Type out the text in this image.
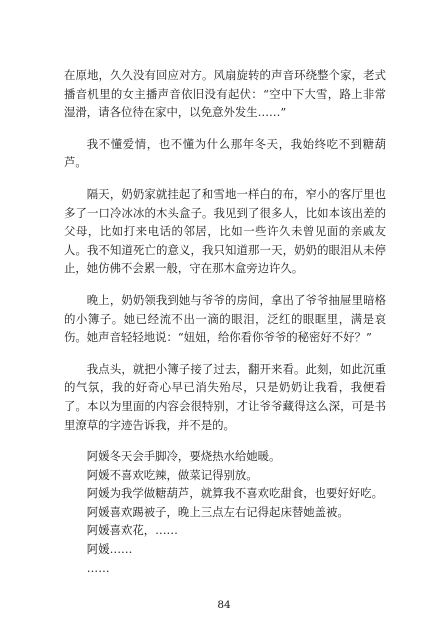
在原地，久久没有回应对方。风扇旋转的声音环绕整个家，老式播音机里的女主播声音依旧没有起伏：“空中下大雪，路上非常湿滑，请各位待在家中，以免意外发生……”

我不懂爱情，也不懂为什么那年冬天，我始终吃不到糖葫芦。

隔天，奶奶家就挂起了和雪地一样白的布，窄小的客厅里也多了一口冷冰冰的木头盒子。我见到了很多人，比如本该出差的父母，比如打来电话的邻居，比如一些许久未曾见面的亲戚友人。我不知道死亡的意义，我只知道那一天，奶奶的眼泪从未停止，她仿佛不会累一般，守在那木盒旁边许久。

晚上，奶奶领我到她与爷爷的房间，拿出了爷爷抽屉里暗格的小簿子。她已经流不出一滴的眼泪，泛红的眼眶里，满是哀伤。她声音轻轻地说：“妞妞，给你看你爷爷的秘密好不好？”

我点头，就把小簿子接了过去，翻开来看。此刻，如此沉重的气氛，我的好奇心早已消失殆尽，只是奶奶让我看，我便看了。本以为里面的内容会很特别，才让爷爷藏得这么深，可是书里潦草的字迹告诉我，并不是的。

阿媛冬天会手脚冷，要烧热水给她暖。

阿媛不喜欢吃辣，做菜记得别放。

阿媛为我学做糖葫芦，就算我不喜欢吃甜食，也要好好吃。

阿媛喜欢踢被子，晚上三点左右记得起床替她盖被。

阿媛喜欢花，……

阿媛……

……

84
